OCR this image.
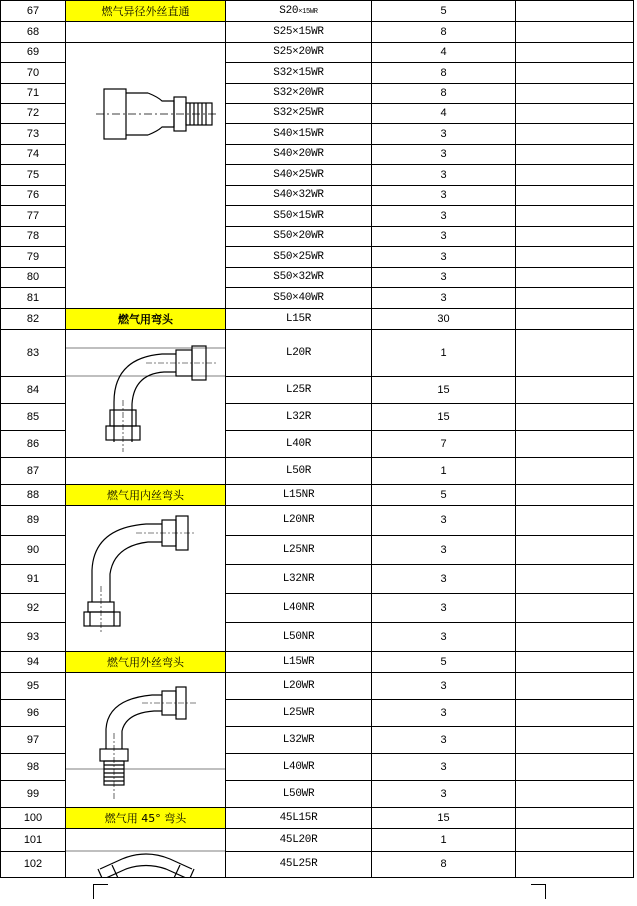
67	燃气异径外丝直通	S20×15WR	5	
68		S25×15WR	8	
69		S25×20WR	4	
70		S32×15WR	8	
71		S32×20WR	8	
72		S32×25WR	4	
73		S40×15WR	3	
74		S40×20WR	3	
75		S40×25WR	3	
76		S40×32WR	3	
77		S50×15WR	3	
78		S50×20WR	3	
79		S50×25WR	3	
80		S50×32WR	3	
81		S50×40WR	3	
82	燃气用弯头	L15R	30	
83		L20R	1	
84		L25R	15	
85		L32R	15	
86		L40R	7	
87		L50R	1	
88	燃气用内丝弯头	L15NR	5	
89		L20NR	3	
90		L25NR	3	
91		L32NR	3	
92		L40NR	3	
93		L50NR	3	
94	燃气用外丝弯头	L15WR	5	
95		L20WR	3	
96		L25WR	3	
97		L32WR	3	
98		L40WR	3	
99		L50WR	3	
100	燃气用 45° 弯头	45L15R	15	
101		45L20R	1	
102		45L25R	8	
